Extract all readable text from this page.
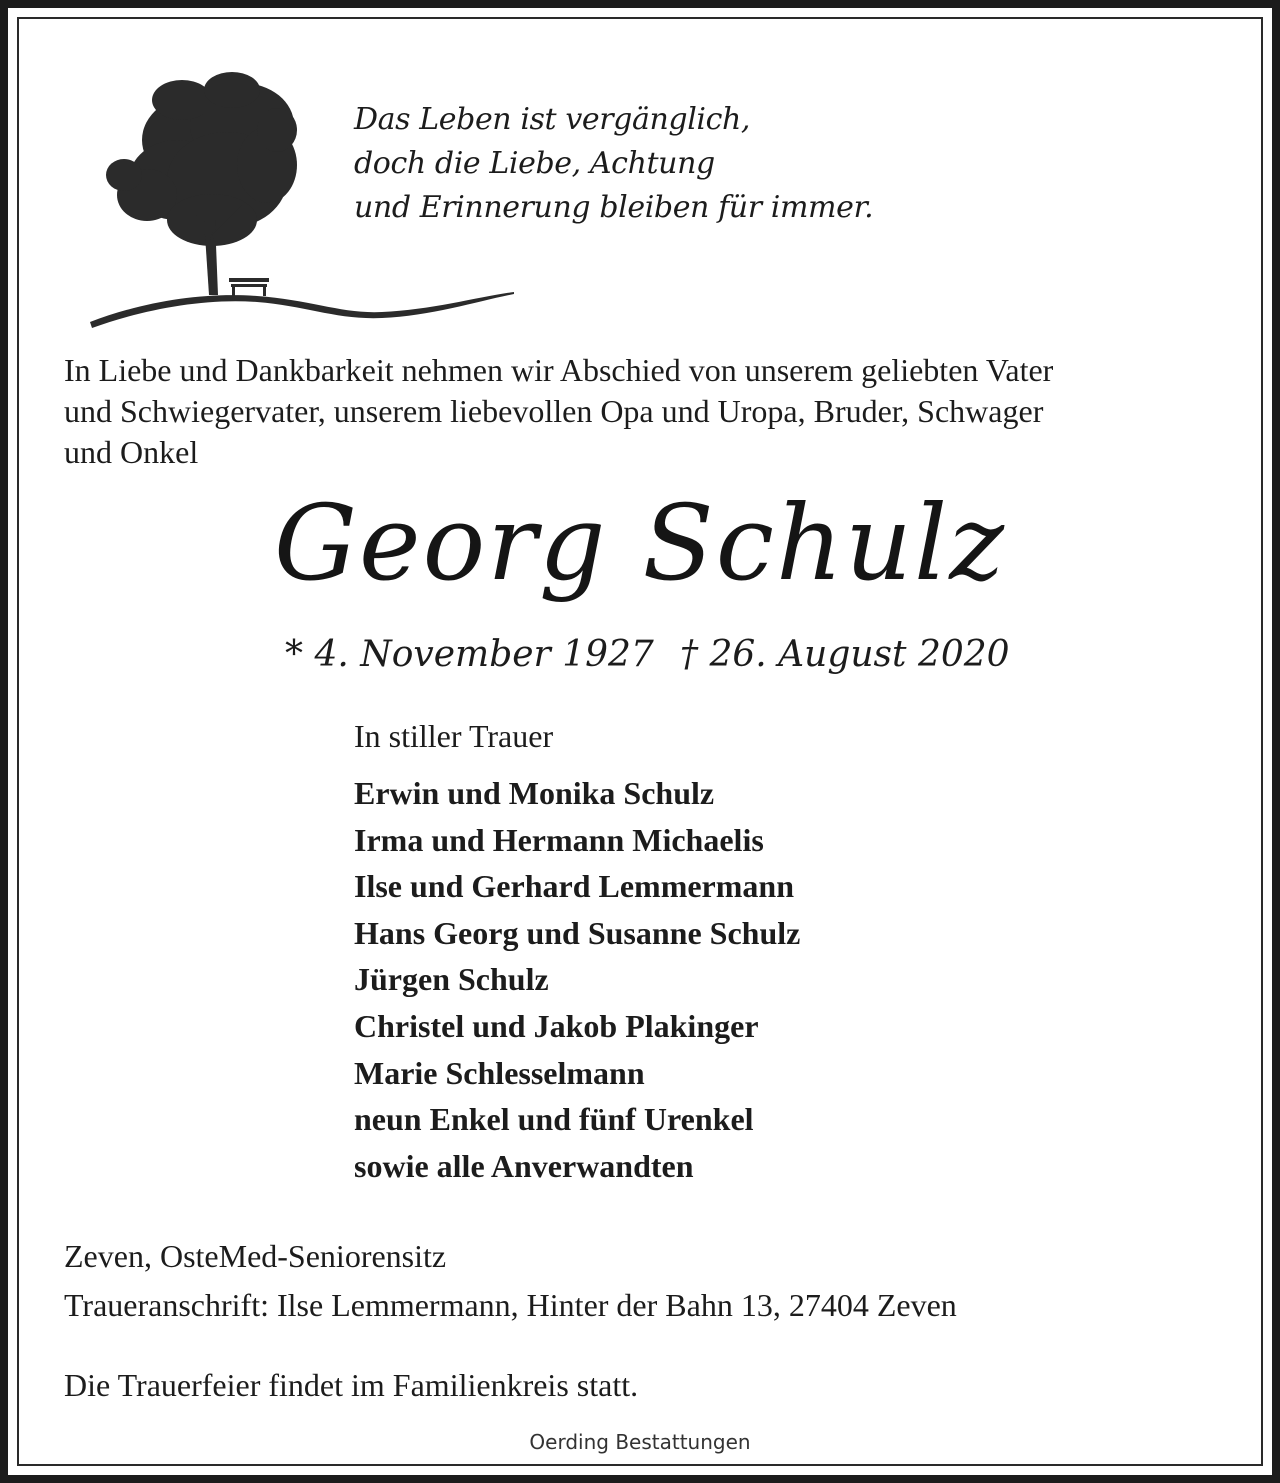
Das Leben ist vergänglich,
doch die Liebe, Achtung
und Erinnerung bleiben für immer.
In Liebe und Dankbarkeit nehmen wir Abschied von unserem geliebten Vater
und Schwiegervater, unserem liebevollen Opa und Uropa, Bruder, Schwager
und Onkel
Georg Schulz
* 4. November 1927 † 26. August 2020
In stiller Trauer
Erwin und Monika Schulz
Irma und Hermann Michaelis
Ilse und Gerhard Lemmermann
Hans Georg und Susanne Schulz
Jürgen Schulz
Christel und Jakob Plakinger
Marie Schlesselmann
neun Enkel und fünf Urenkel
sowie alle Anverwandten
Zeven, OsteMed-Seniorensitz
Traueranschrift: Ilse Lemmermann, Hinter der Bahn 13, 27404 Zeven
Die Trauerfeier findet im Familienkreis statt.
Oerding Bestattungen
